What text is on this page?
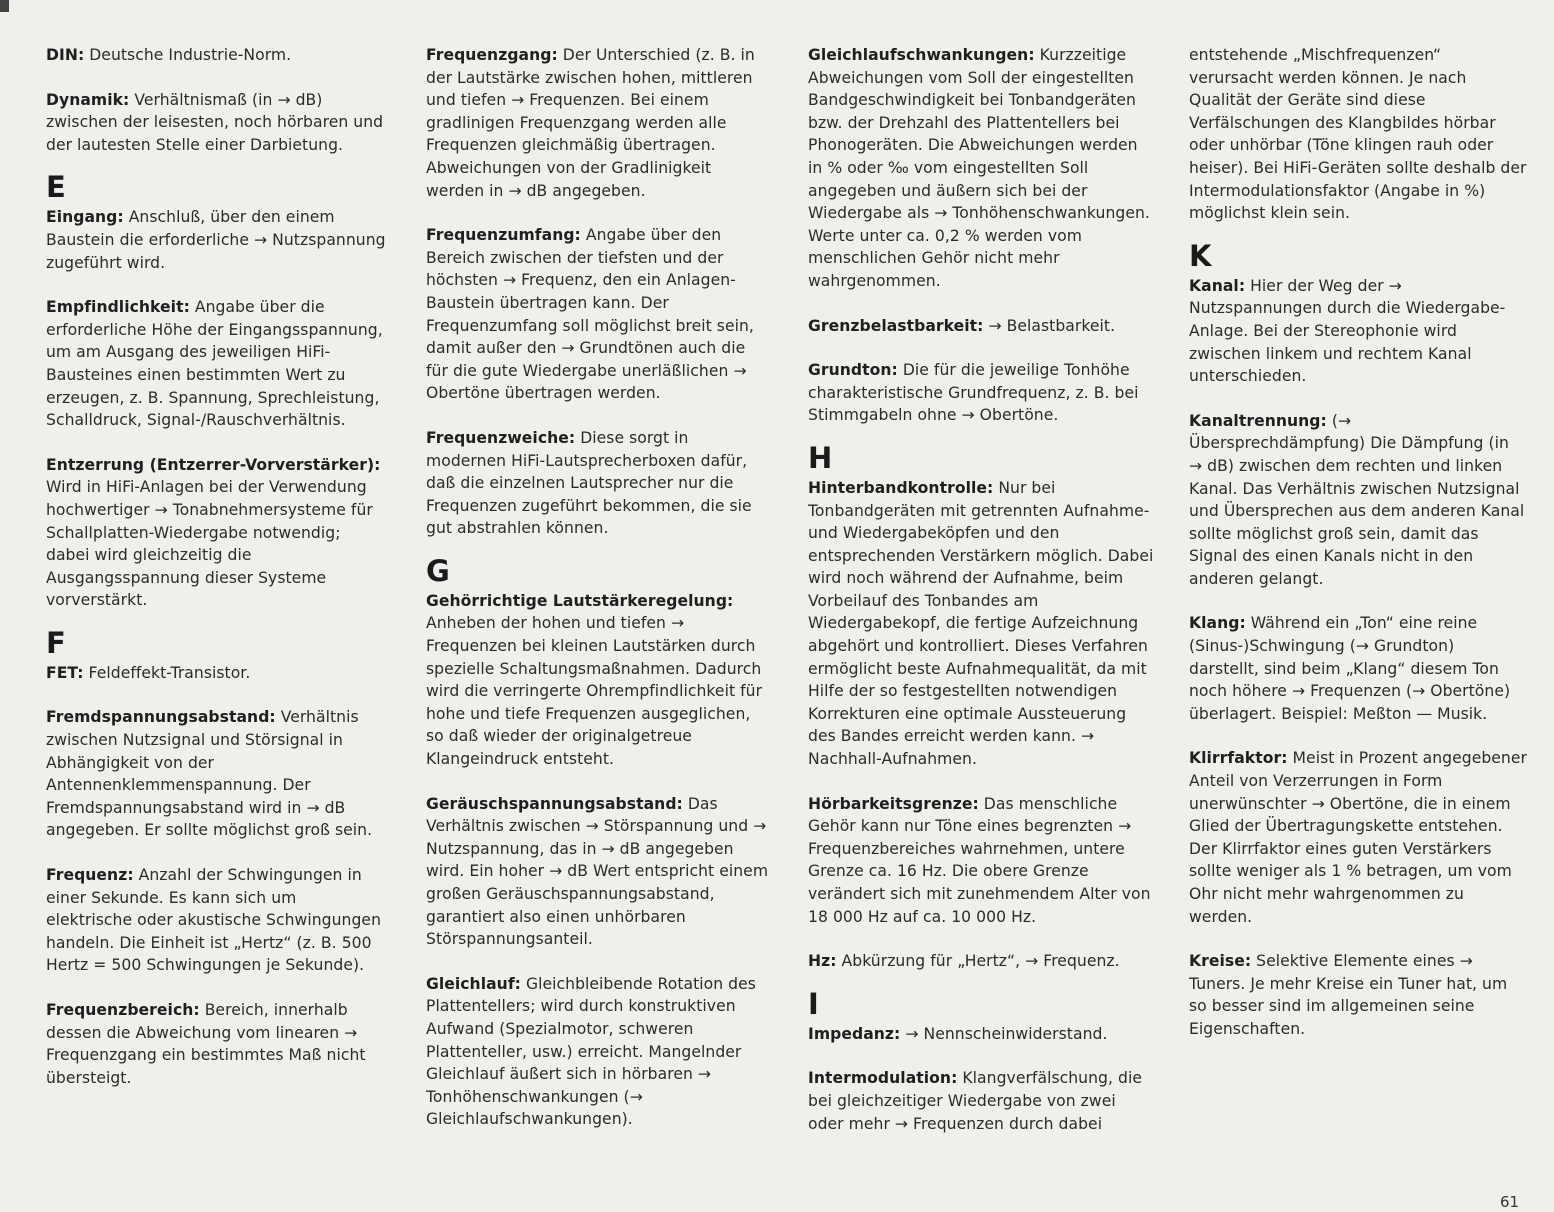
DIN: Deutsche Industrie-Norm.
Dynamik: Verhältnismaß (in → dB) zwischen der leisesten, noch hörbaren und der lautesten Stelle einer Darbietung.
E
Eingang: Anschluß, über den einem Baustein die erforderliche → Nutzspannung zugeführt wird.
Empfindlichkeit: Angabe über die erforderliche Höhe der Eingangsspannung, um am Ausgang des jeweiligen HiFi-Bausteines einen bestimmten Wert zu erzeugen, z. B. Spannung, Sprechleistung, Schalldruck, Signal-/Rauschverhältnis.
Entzerrung (Entzerrer-Vorverstärker): Wird in HiFi-Anlagen bei der Verwendung hochwertiger → Tonabnehmersysteme für Schallplatten-Wiedergabe notwendig; dabei wird gleichzeitig die Ausgangsspannung dieser Systeme vorverstärkt.
F
FET: Feldeffekt-Transistor.
Fremdspannungsabstand: Verhältnis zwischen Nutzsignal und Störsignal in Abhängigkeit von der Antennenklemmenspannung. Der Fremdspannungsabstand wird in → dB angegeben. Er sollte möglichst groß sein.
Frequenz: Anzahl der Schwingungen in einer Sekunde. Es kann sich um elektrische oder akustische Schwingungen handeln. Die Einheit ist „Hertz“ (z. B. 500 Hertz = 500 Schwingungen je Sekunde).
Frequenzbereich: Bereich, innerhalb dessen die Abweichung vom linearen → Frequenzgang ein bestimmtes Maß nicht übersteigt.
Frequenzgang: Der Unterschied (z. B. in der Lautstärke zwischen hohen, mittleren und tiefen → Frequenzen. Bei einem gradlinigen Frequenzgang werden alle Frequenzen gleichmäßig übertragen. Abweichungen von der Gradlinigkeit werden in → dB angegeben.
Frequenzumfang: Angabe über den Bereich zwischen der tiefsten und der höchsten → Frequenz, den ein Anlagen-Baustein übertragen kann. Der Frequenzumfang soll möglichst breit sein, damit außer den → Grundtönen auch die für die gute Wiedergabe unerläßlichen → Obertöne übertragen werden.
Frequenzweiche: Diese sorgt in modernen HiFi-Lautsprecherboxen dafür, daß die einzelnen Lautsprecher nur die Frequenzen zugeführt bekommen, die sie gut abstrahlen können.
G
Gehörrichtige Lautstärkeregelung: Anheben der hohen und tiefen → Frequenzen bei kleinen Lautstärken durch spezielle Schaltungsmaßnahmen. Dadurch wird die verringerte Ohrempfindlichkeit für hohe und tiefe Frequenzen ausgeglichen, so daß wieder der originalgetreue Klangeindruck entsteht.
Geräuschspannungsabstand: Das Verhältnis zwischen → Störspannung und → Nutzspannung, das in → dB angegeben wird. Ein hoher → dB Wert entspricht einem großen Geräuschspannungsabstand, garantiert also einen unhörbaren Störspannungsanteil.
Gleichlauf: Gleichbleibende Rotation des Plattentellers; wird durch konstruktiven Aufwand (Spezialmotor, schweren Plattenteller, usw.) erreicht. Mangelnder Gleichlauf äußert sich in hörbaren → Tonhöhenschwankungen (→ Gleichlaufschwankungen).
Gleichlaufschwankungen: Kurzzeitige Abweichungen vom Soll der eingestellten Bandgeschwindigkeit bei Tonbandgeräten bzw. der Drehzahl des Plattentellers bei Phonogeräten. Die Abweichungen werden in % oder ‰ vom eingestellten Soll angegeben und äußern sich bei der Wiedergabe als → Tonhöhenschwankungen. Werte unter ca. 0,2 % werden vom menschlichen Gehör nicht mehr wahrgenommen.
Grenzbelastbarkeit: → Belastbarkeit.
Grundton: Die für die jeweilige Tonhöhe charakteristische Grundfrequenz, z. B. bei Stimmgabeln ohne → Obertöne.
H
Hinterbandkontrolle: Nur bei Tonbandgeräten mit getrennten Aufnahme- und Wiedergabeköpfen und den entsprechenden Verstärkern möglich. Dabei wird noch während der Aufnahme, beim Vorbeilauf des Tonbandes am Wiedergabekopf, die fertige Aufzeichnung abgehört und kontrolliert. Dieses Verfahren ermöglicht beste Aufnahmequalität, da mit Hilfe der so festgestellten notwendigen Korrekturen eine optimale Aussteuerung des Bandes erreicht werden kann. → Nachhall-Aufnahmen.
Hörbarkeitsgrenze: Das menschliche Gehör kann nur Töne eines begrenzten → Frequenzbereiches wahrnehmen, untere Grenze ca. 16 Hz. Die obere Grenze verändert sich mit zunehmendem Alter von 18 000 Hz auf ca. 10 000 Hz.
Hz: Abkürzung für „Hertz“, → Frequenz.
I
Impedanz: → Nennscheinwiderstand.
Intermodulation: Klangverfälschung, die bei gleichzeitiger Wiedergabe von zwei oder mehr → Frequenzen durch dabei
entstehende „Mischfrequenzen“ verursacht werden können. Je nach Qualität der Geräte sind diese Verfälschungen des Klangbildes hörbar oder unhörbar (Töne klingen rauh oder heiser). Bei HiFi-Geräten sollte deshalb der Intermodulationsfaktor (Angabe in %) möglichst klein sein.
K
Kanal: Hier der Weg der → Nutzspannungen durch die Wiedergabe-Anlage. Bei der Stereophonie wird zwischen linkem und rechtem Kanal unterschieden.
Kanaltrennung: (→ Übersprechdämpfung) Die Dämpfung (in → dB) zwischen dem rechten und linken Kanal. Das Verhältnis zwischen Nutzsignal und Übersprechen aus dem anderen Kanal sollte möglichst groß sein, damit das Signal des einen Kanals nicht in den anderen gelangt.
Klang: Während ein „Ton“ eine reine (Sinus-)Schwingung (→ Grundton) darstellt, sind beim „Klang“ diesem Ton noch höhere → Frequenzen (→ Obertöne) überlagert. Beispiel: Meßton — Musik.
Klirrfaktor: Meist in Prozent angegebener Anteil von Verzerrungen in Form unerwünschter → Obertöne, die in einem Glied der Übertragungskette entstehen. Der Klirrfaktor eines guten Verstärkers sollte weniger als 1 % betragen, um vom Ohr nicht mehr wahrgenommen zu werden.
Kreise: Selektive Elemente eines → Tuners. Je mehr Kreise ein Tuner hat, um so besser sind im allgemeinen seine Eigenschaften.
61
